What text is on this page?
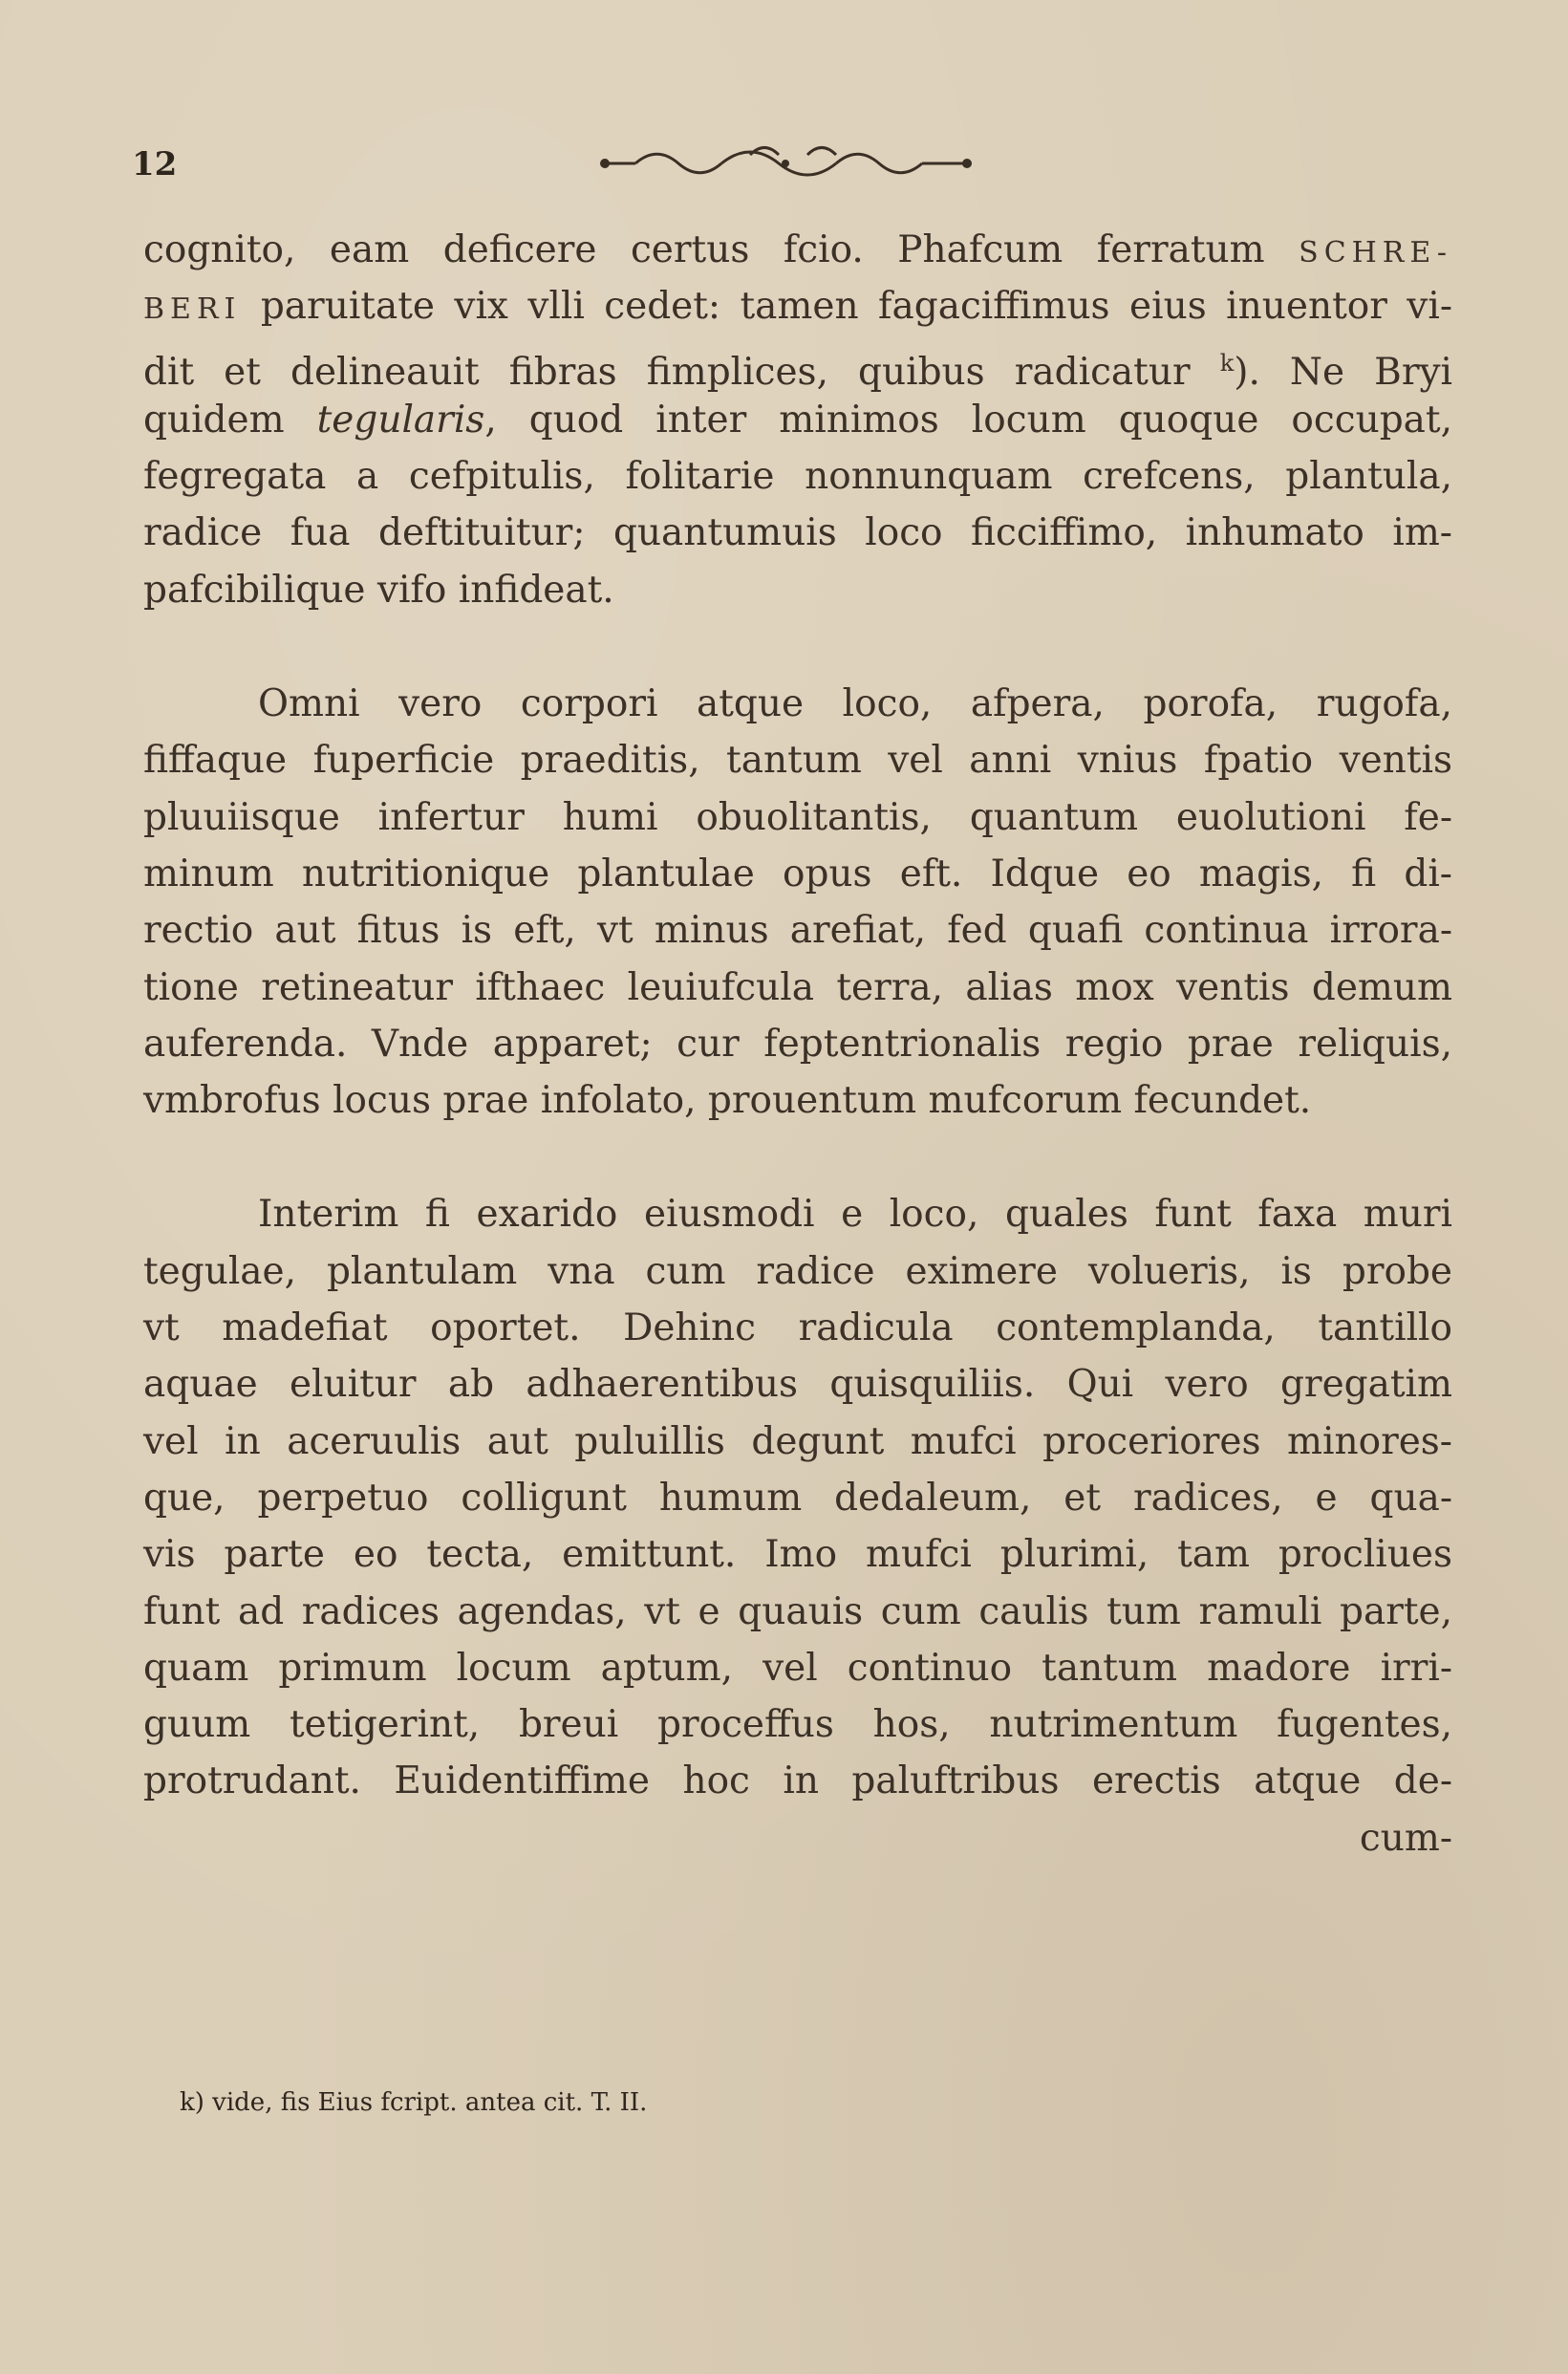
12
cognito, eam deficere certus fcio. Phafcum ferratum SCHRE-
BERI paruitate vix vlli cedet: tamen fagaciffimus eius inuentor vi-
dit et delineauit fibras fimplices, quibus radicatur $^k$). Ne Bryi
quidem tegularis, quod inter minimos locum quoque occupat,
fegregata a cefpitulis, folitarie nonnunquam crefcens, plantula,
radice fua deftituitur; quantumuis loco ficciffimo, inhumato im-
pafcibilique vifo infideat.
Omni vero corpori atque loco, afpera, porofa, rugofa,
fiffaque fuperficie praeditis, tantum vel anni vnius fpatio ventis
pluuiisque infertur humi obuolitantis, quantum euolutioni fe-
minum nutritionique plantulae opus eft. Idque eo magis, fi di-
rectio aut fitus is eft, vt minus arefiat, fed quafi continua irrora-
tione retineatur ifthaec leuiufcula terra, alias mox ventis demum
auferenda. Vnde apparet; cur feptentrionalis regio prae reliquis,
vmbrofus locus prae infolato, prouentum mufcorum fecundet.
Interim fi exarido eiusmodi e loco, quales funt faxa muri
tegulae, plantulam vna cum radice eximere volueris, is probe
vt madefiat oportet. Dehinc radicula contemplanda, tantillo
aquae eluitur ab adhaerentibus quisquiliis. Qui vero gregatim
vel in aceruulis aut puluillis degunt mufci proceriores minores-
que, perpetuo colligunt humum dedaleum, et radices, e qua-
vis parte eo tecta, emittunt. Imo mufci plurimi, tam procliues
funt ad radices agendas, vt e quauis cum caulis tum ramuli parte,
quam primum locum aptum, vel continuo tantum madore irri-
guum tetigerint, breui proceffus hos, nutrimentum fugentes,
protrudant. Euidentiffime hoc in paluftribus erectis atque de-
cum-
k) vide, fis Eius fcript. antea cit. T. II.
